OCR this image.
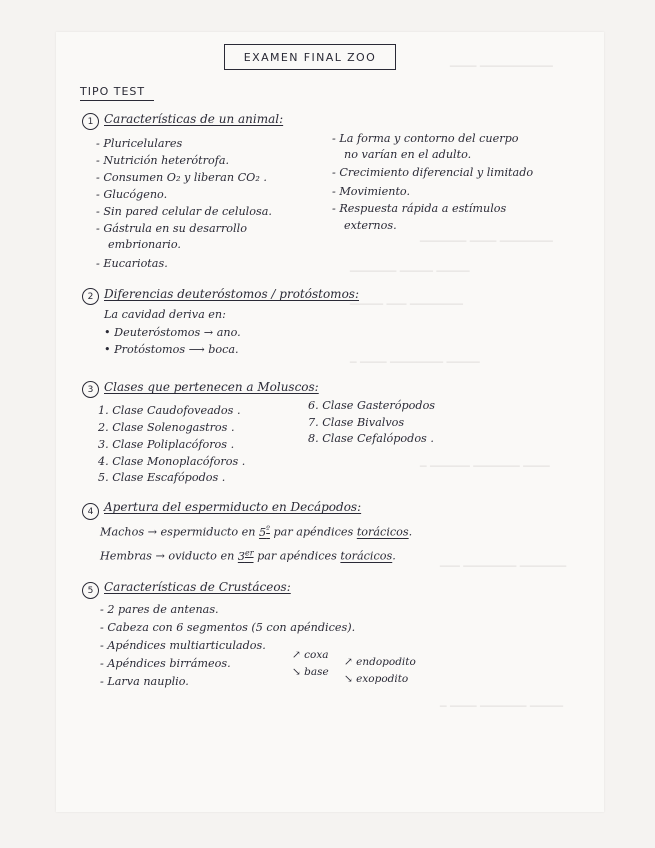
─────────── ────
──────── ──── ───────
───── ───── ───────
──────── ─── ─────
───── ──────── ──── ─
──── ─────── ────── ─
─────── ──────── ───
───── ─────── ──── ─
EXAMEN FINAL ZOO
TIPO TEST
1 Características de un animal:
- Pluricelulares
- Nutrición heterótrofa.
- Consumen O₂ y liberan CO₂ .
- Glucógeno.
- Sin pared celular de celulosa.
- Gástrula en su desarrollo
embrionario.
- Eucariotas.
- La forma y contorno del cuerpo
no varían en el adulto.
- Crecimiento diferencial y limitado
- Movimiento.
- Respuesta rápida a estímulos
externos.
2 Diferencias deuteróstomos / protóstomos:
La cavidad deriva en:
• Deuteróstomos → ano.
• Protóstomos ⟶ boca.
3 Clases que pertenecen a Moluscos:
1. Clase Caudofoveados .
2. Clase Solenogastros .
3. Clase Poliplacóforos .
4. Clase Monoplacóforos .
5. Clase Escafópodos .
6. Clase Gasterópodos
7. Clase Bivalvos
8. Clase Cefalópodos .
4 Apertura del espermiducto en Decápodos:
Machos → espermiducto en $5^º$ par apéndices torácicos.
Hembras → oviducto en 3er par apéndices torácicos.
5 Características de Crustáceos:
- 2 pares de antenas.
- Cabeza con 6 segmentos (5 con apéndices).
- Apéndices multiarticulados.
- Apéndices birrámeos.
- Larva nauplio.
↗ coxa
↘ base
↗ endopodito
↘ exopodito
